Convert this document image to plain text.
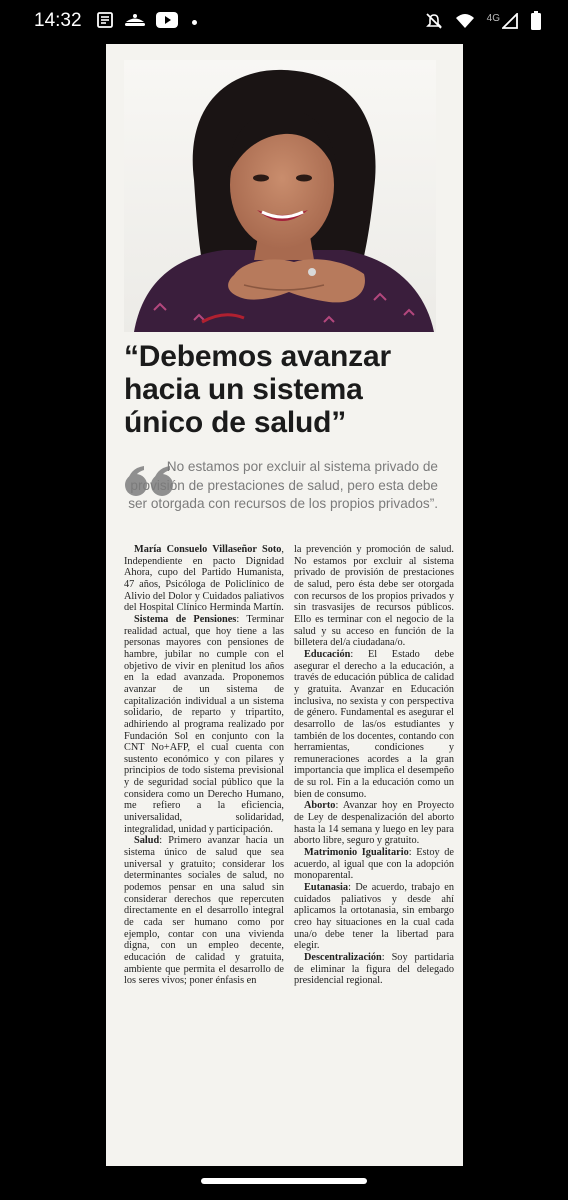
14:32	4G
“Debemos avanzar hacia un sistema único de salud”

No estamos por excluir al sistema privado de provisión de prestaciones de salud, pero esta debe ser otorgada con recursos de los propios privados”.

María Consuelo Villaseñor Soto, Independiente en pacto Dignidad Ahora, cupo del Partido Humanista, 47 años, Psicóloga de Policlínico de Alivio del Dolor y Cuidados paliativos del Hospital Clínico Herminda Martín.

Sistema de Pensiones: Terminar realidad actual, que hoy tiene a las personas mayores con pensiones de hambre, jubilar no cumple con el objetivo de vivir en plenitud los años en la edad avanzada. Proponemos avanzar de un sistema de capitalización individual a un sistema solidario, de reparto y tripartito, adhiriendo al programa realizado por Fundación Sol en conjunto con la CNT No+AFP, el cual cuenta con sustento económico y con pilares y principios de todo sistema previsional y de seguridad social público que la considera como un Derecho Humano, me refiero a la eficiencia, universalidad, solidaridad, integralidad, unidad y participación.

Salud: Primero avanzar hacia un sistema único de salud que sea universal y gratuito; considerar los determinantes sociales de salud, no podemos pensar en una salud sin considerar derechos que repercuten directamente en el desarrollo integral de cada ser humano como por ejemplo, contar con una vivienda digna, con un empleo decente, educación de calidad y gratuita, ambiente que permita el desarrollo de los seres vivos; poner énfasis en

la prevención y promoción de salud. No estamos por excluir al sistema privado de provisión de prestaciones de salud, pero ésta debe ser otorgada con recursos de los propios privados y sin trasvasijes de recursos públicos. Ello es terminar con el negocio de la salud y su acceso en función de la billetera del/a ciudadana/o.

Educación: El Estado debe asegurar el derecho a la educación, a través de educación pública de calidad y gratuita. Avanzar en Educación inclusiva, no sexista y con perspectiva de género. Fundamental es asegurar el desarrollo de las/os estudiantes y también de los docentes, contando con herramientas, condiciones y remuneraciones acordes a la gran importancia que implica el desempeño de su rol. Fin a la educación como un bien de consumo.

Aborto: Avanzar hoy en Proyecto de Ley de despenalización del aborto hasta la 14 semana y luego en ley para aborto libre, seguro y gratuito.

Matrimonio Igualitario: Estoy de acuerdo, al igual que con la adopción monoparental.

Eutanasia: De acuerdo, trabajo en cuidados paliativos y desde ahí aplicamos la ortotanasia, sin embargo creo hay situaciones en la cual cada una/o debe tener la libertad para elegir.

Descentralización: Soy partidaria de eliminar la figura del delegado presidencial regional.
